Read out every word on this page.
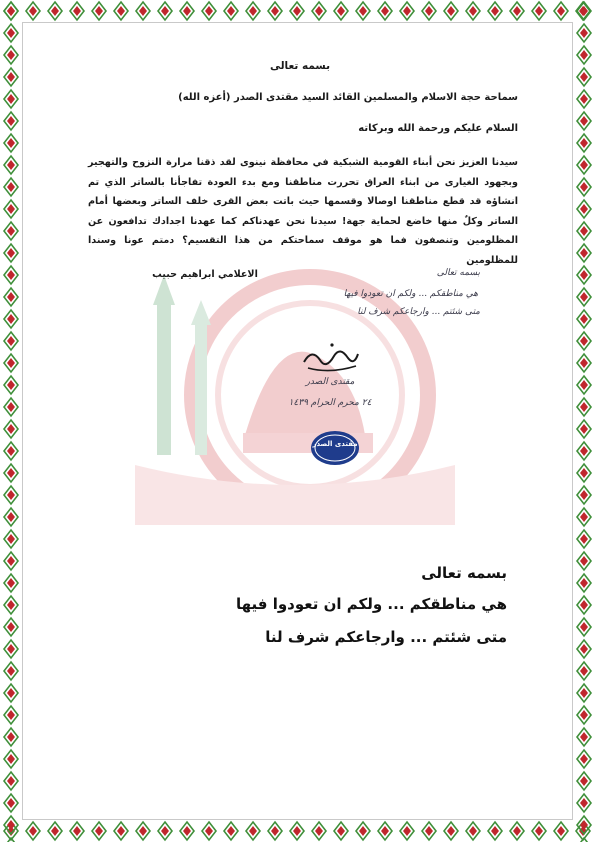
بسمه تعالى
سماحة حجة الاسلام والمسلمين القائد السيد مقتدى الصدر (أعزه الله)
السلام عليكم ورحمة الله وبركاته
سيدنا العزيز نحن أبناء القومية الشبكية في محافظة نينوى لقد ذقنا مرارة النزوح والتهجير وبجهود الغيارى من ابناء العراق تحررت مناطقنا ومع بدء العودة تفاجأنا بالساتر الذي تم انشاؤه قد قطع مناطقنا اوصالا وقسمها حيث باتت بعض القرى خلف الساتر وبعضها أمام الساتر وكلٌ منها خاضع لحماية جهة! سيدنا نحن عهدناكم كما عهدنا اجدادك تدافعون عن المظلومين وتنصفون فما هو موقف سماحتكم من هذا التقسيم؟ دمتم عونا وسندا للمظلومين
الاعلامي ابراهيم حبيب	بسمه تعالى
هي مناطقكم ... ولكم ان تعودوا فيها
متى شئتم ... وارجاعكم شرف لنا
مقتدى الصدر
٢٤ محرم الحرام ١٤٣٩
مقتدى الصدر
بسمه تعالى
هي مناطقكم ... ولكم ان تعودوا فيها
متى شئتم ... وارجاعكم شرف لنا
